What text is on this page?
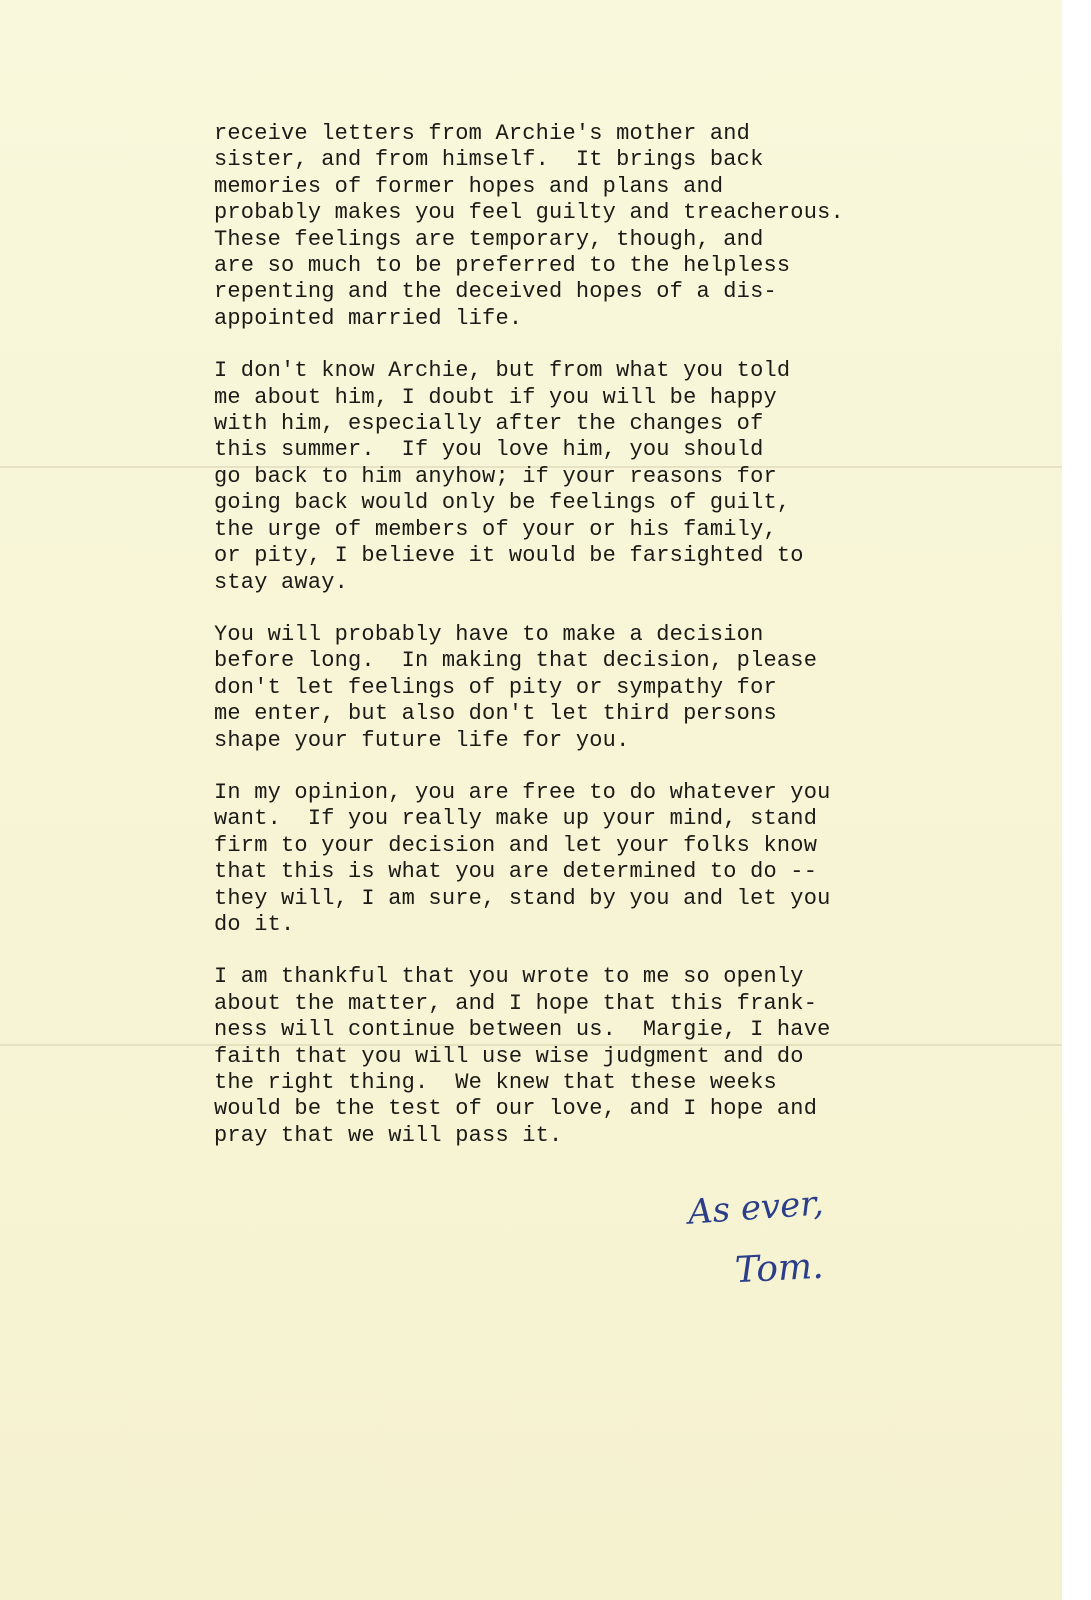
receive letters from Archie's mother and
sister, and from himself.  It brings back
memories of former hopes and plans and
probably makes you feel guilty and treacherous.
These feelings are temporary, though, and
are so much to be preferred to the helpless
repenting and the deceived hopes of a dis-
appointed married life.
I don't know Archie, but from what you told
me about him, I doubt if you will be happy
with him, especially after the changes of
this summer.  If you love him, you should
go back to him anyhow; if your reasons for
going back would only be feelings of guilt,
the urge of members of your or his family,
or pity, I believe it would be farsighted to
stay away.
You will probably have to make a decision
before long.  In making that decision, please
don't let feelings of pity or sympathy for
me enter, but also don't let third persons
shape your future life for you.
In my opinion, you are free to do whatever you
want.  If you really make up your mind, stand
firm to your decision and let your folks know
that this is what you are determined to do --
they will, I am sure, stand by you and let you
do it.
I am thankful that you wrote to me so openly
about the matter, and I hope that this frank-
ness will continue between us.  Margie, I have
faith that you will use wise judgment and do
the right thing.  We knew that these weeks
would be the test of our love, and I hope and
pray that we will pass it.
As ever,
Tom.
